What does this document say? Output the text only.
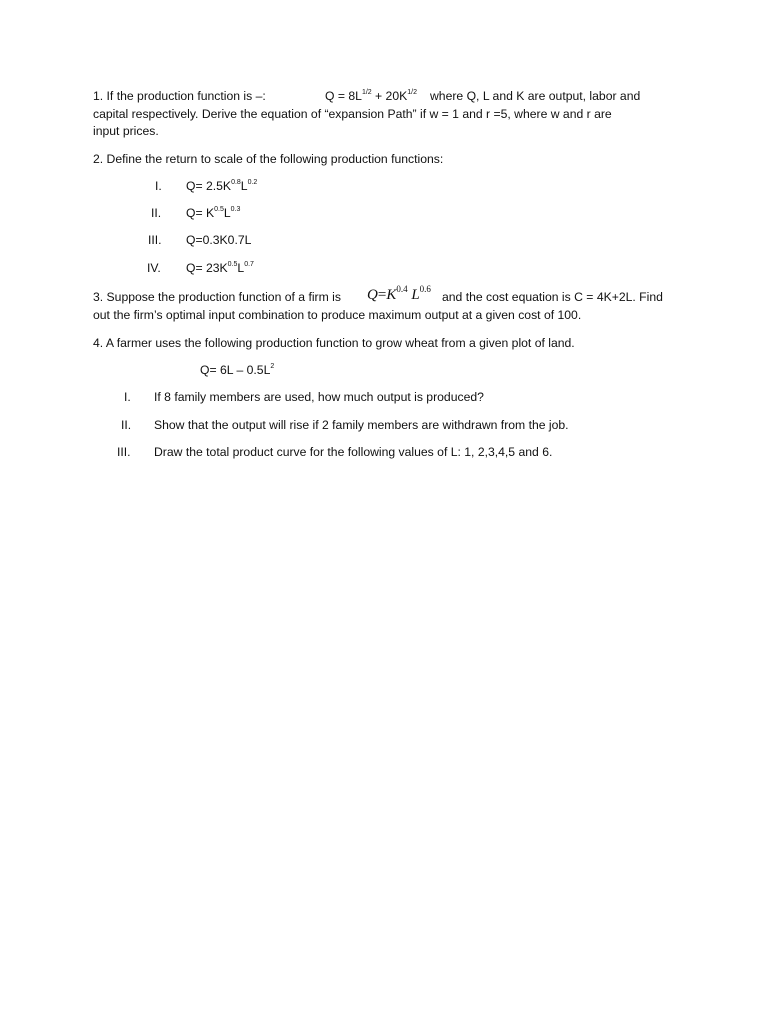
1. If the production function is –:	$Q = 8L^{1/2} + 20K^{1/2}$ where Q, L and K are output, labor and
capital respectively. Derive the equation of “expansion Path” if w = 1 and r =5, where w and r are
input prices.
2. Define the return to scale of the following production functions:
I. $Q= 2.5K^{0.8}L^{0.2}$
II. $Q= K^{0.5}L^{0.3}$
III. Q=0.3K0.7L
IV. $Q= 23K^{0.5}L^{0.7}$
3. Suppose the production function of a firm is $Q=K^{0.4}$ $L^{0.6}$
and the cost equation is C = 4K+2L. Find
out the firm’s optimal input combination to produce maximum output at a given cost of 100.
4. A farmer uses the following production function to grow wheat from a given plot of land.
$Q= 6L - 0.5L^2$
I. If 8 family members are used, how much output is produced?
II. Show that the output will rise if 2 family members are withdrawn from the job.
III. Draw the total product curve for the following values of L: 1, 2,3,4,5 and 6.
